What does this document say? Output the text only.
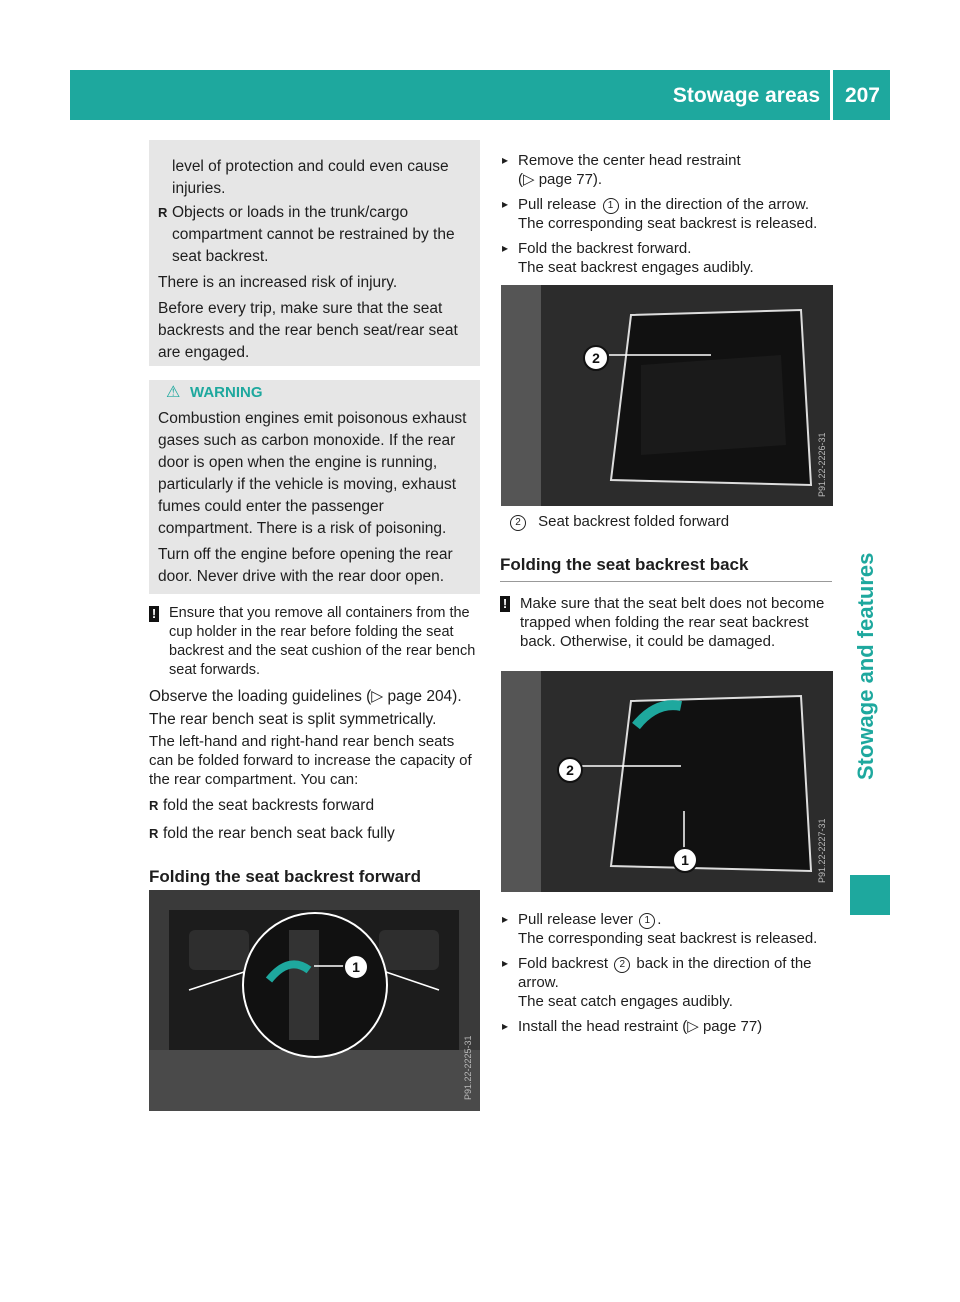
Stowage areas 207
Stowage and features

level of protection and could even cause injuries.

R Objects or loads in the trunk/cargo compartment cannot be restrained by the seat backrest.

There is an increased risk of injury.

Before every trip, make sure that the seat backrests and the rear bench seat/rear seat are engaged.

⚠ WARNING

Combustion engines emit poisonous exhaust gases such as carbon monoxide. If the rear door is open when the engine is running, particularly if the vehicle is moving, exhaust fumes could enter the passenger compartment. There is a risk of poisoning.

Turn off the engine before opening the rear door. Never drive with the rear door open.

! Ensure that you remove all containers from the cup holder in the rear before folding the seat backrest and the seat cushion of the rear bench seat forwards.

Observe the loading guidelines (▷ page 204).

The rear bench seat is split symmetrically.

The left-hand and right-hand rear bench seats can be folded forward to increase the capacity of the rear compartment. You can:

R fold the seat backrests forward

R fold the rear bench seat back fully

Folding the seat backrest forward
1
P91.22-2225-31

▸ Remove the center head restraint
(▷ page 77).

▸ Pull release 1 in the direction of the arrow.
The corresponding seat backrest is released.

▸ Fold the backrest forward.
The seat backrest engages audibly.

2
P91.22-2226-31

2 Seat backrest folded forward

Folding the seat backrest back
! Make sure that the seat belt does not become trapped when folding the rear seat backrest back. Otherwise, it could be damaged.
2
1	P91.22-2227-31

▸ Pull release lever 1 .
The corresponding seat backrest is released.

▸ Fold backrest 2 back in the direction of the arrow.
The seat catch engages audibly.

▸ Install the head restraint (▷ page 77)
